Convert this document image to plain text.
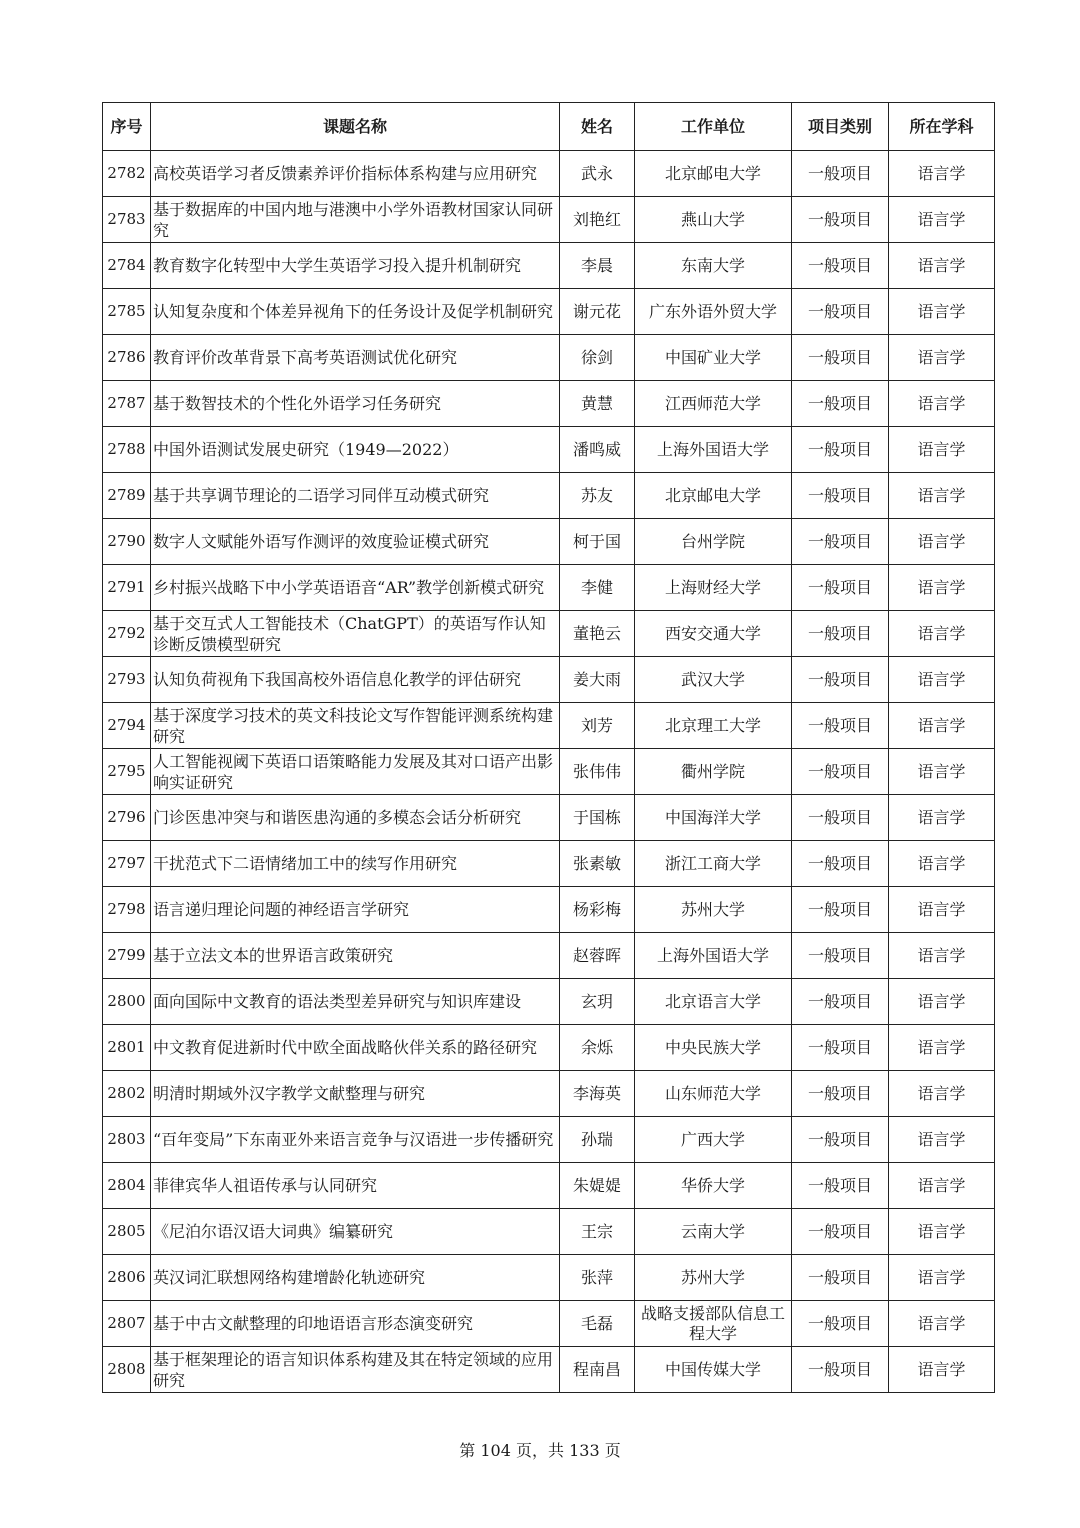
序号	课题名称	姓名	工作单位	项目类别	所在学科
2782	高校英语学习者反馈素养评价指标体系构建与应用研究	武永	北京邮电大学	一般项目	语言学
2783	基于数据库的中国内地与港澳中小学外语教材国家认同研究	刘艳红	燕山大学	一般项目	语言学
2784	教育数字化转型中大学生英语学习投入提升机制研究	李晨	东南大学	一般项目	语言学
2785	认知复杂度和个体差异视角下的任务设计及促学机制研究	谢元花	广东外语外贸大学	一般项目	语言学
2786	教育评价改革背景下高考英语测试优化研究	徐剑	中国矿业大学	一般项目	语言学
2787	基于数智技术的个性化外语学习任务研究	黄慧	江西师范大学	一般项目	语言学
2788	中国外语测试发展史研究（1949—2022）	潘鸣威	上海外国语大学	一般项目	语言学
2789	基于共享调节理论的二语学习同伴互动模式研究	苏友	北京邮电大学	一般项目	语言学
2790	数字人文赋能外语写作测评的效度验证模式研究	柯于国	台州学院	一般项目	语言学
2791	乡村振兴战略下中小学英语语音“AR”教学创新模式研究	李健	上海财经大学	一般项目	语言学
2792	基于交互式人工智能技术（ChatGPT）的英语写作认知诊断反馈模型研究	董艳云	西安交通大学	一般项目	语言学
2793	认知负荷视角下我国高校外语信息化教学的评估研究	姜大雨	武汉大学	一般项目	语言学
2794	基于深度学习技术的英文科技论文写作智能评测系统构建研究	刘芳	北京理工大学	一般项目	语言学
2795	人工智能视阈下英语口语策略能力发展及其对口语产出影响实证研究	张伟伟	衢州学院	一般项目	语言学
2796	门诊医患冲突与和谐医患沟通的多模态会话分析研究	于国栋	中国海洋大学	一般项目	语言学
2797	干扰范式下二语情绪加工中的续写作用研究	张素敏	浙江工商大学	一般项目	语言学
2798	语言递归理论问题的神经语言学研究	杨彩梅	苏州大学	一般项目	语言学
2799	基于立法文本的世界语言政策研究	赵蓉晖	上海外国语大学	一般项目	语言学
2800	面向国际中文教育的语法类型差异研究与知识库建设	玄玥	北京语言大学	一般项目	语言学
2801	中文教育促进新时代中欧全面战略伙伴关系的路径研究	余烁	中央民族大学	一般项目	语言学
2802	明清时期域外汉字教学文献整理与研究	李海英	山东师范大学	一般项目	语言学
2803	“百年变局”下东南亚外来语言竞争与汉语进一步传播研究	孙瑞	广西大学	一般项目	语言学
2804	菲律宾华人祖语传承与认同研究	朱媞媞	华侨大学	一般项目	语言学
2805	《尼泊尔语汉语大词典》编纂研究	王宗	云南大学	一般项目	语言学
2806	英汉词汇联想网络构建增龄化轨迹研究	张萍	苏州大学	一般项目	语言学
2807	基于中古文献整理的印地语语言形态演变研究	毛磊	战略支援部队信息工程大学	一般项目	语言学
2808	基于框架理论的语言知识体系构建及其在特定领域的应用研究	程南昌	中国传媒大学	一般项目	语言学
第 104 页，共 133 页
